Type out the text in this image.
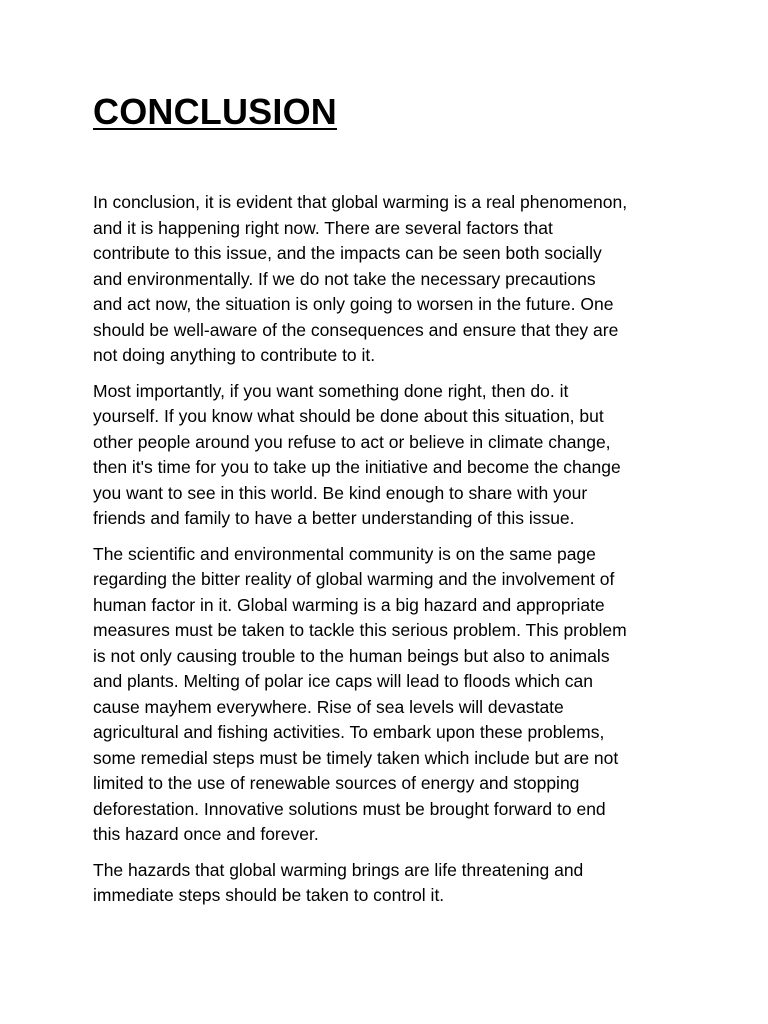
CONCLUSION
In conclusion, it is evident that global warming is a real phenomenon,
and it is happening right now. There are several factors that
contribute to this issue, and the impacts can be seen both socially
and environmentally. If we do not take the necessary precautions
and act now, the situation is only going to worsen in the future. One
should be well-aware of the consequences and ensure that they are
not doing anything to contribute to it.
Most importantly, if you want something done right, then do. it
yourself. If you know what should be done about this situation, but
other people around you refuse to act or believe in climate change,
then it's time for you to take up the initiative and become the change
you want to see in this world. Be kind enough to share with your
friends and family to have a better understanding of this issue.
The scientific and environmental community is on the same page
regarding the bitter reality of global warming and the involvement of
human factor in it. Global warming is a big hazard and appropriate
measures must be taken to tackle this serious problem. This problem
is not only causing trouble to the human beings but also to animals
and plants. Melting of polar ice caps will lead to floods which can
cause mayhem everywhere. Rise of sea levels will devastate
agricultural and fishing activities. To embark upon these problems,
some remedial steps must be timely taken which include but are not
limited to the use of renewable sources of energy and stopping
deforestation. Innovative solutions must be brought forward to end
this hazard once and forever.
The hazards that global warming brings are life threatening and
immediate steps should be taken to control it.
